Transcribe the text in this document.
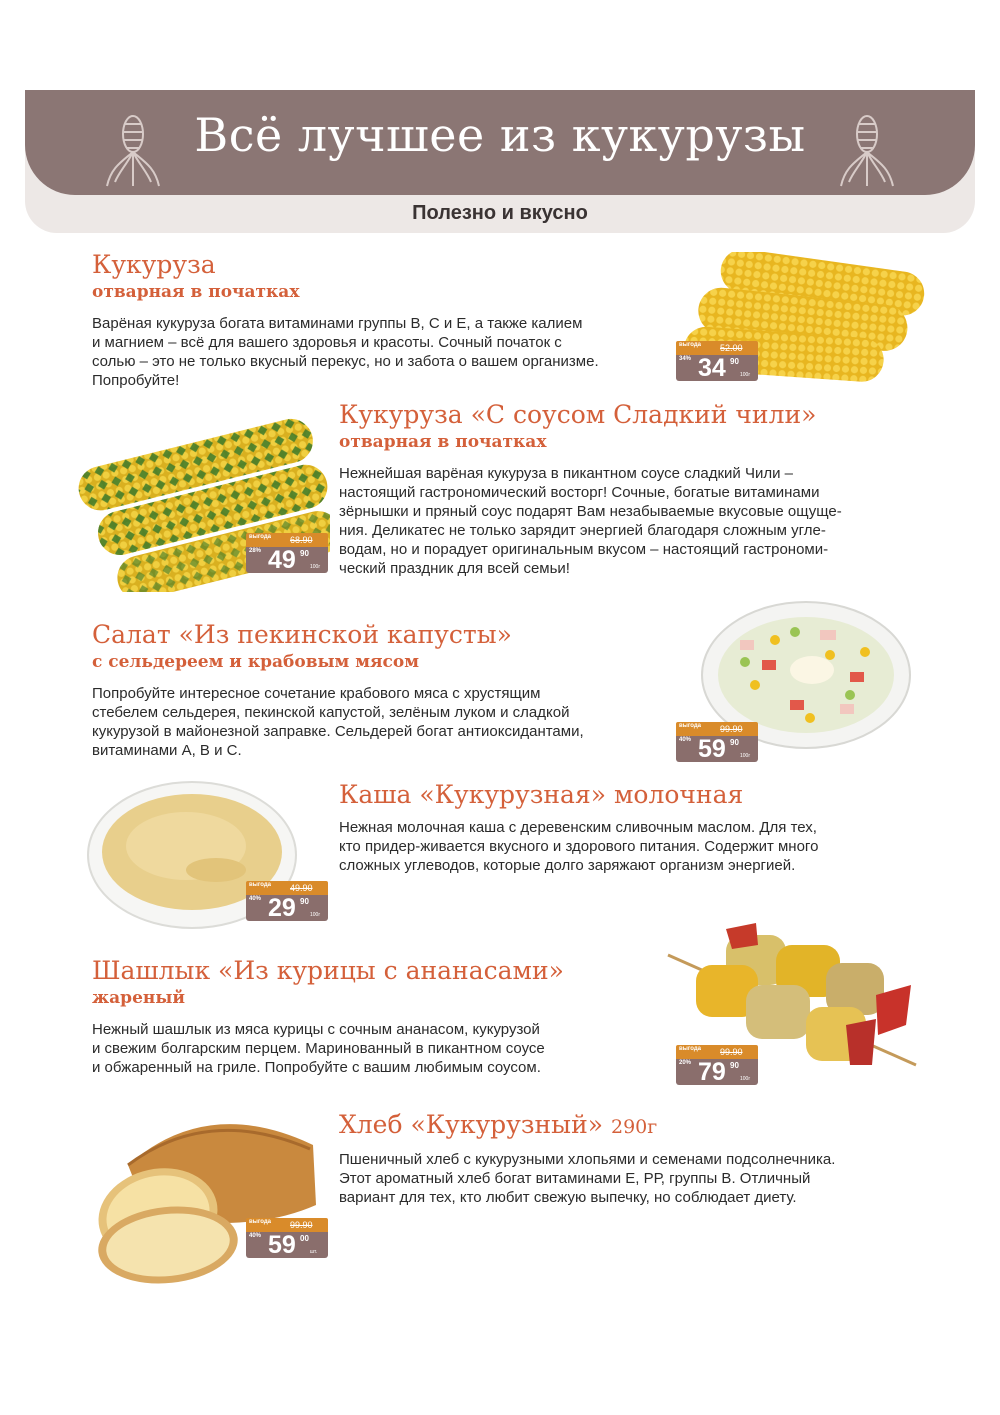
Всё лучшее из кукурузы
Полезно и вкусно
Кукуруза
отварная в початках
Варёная кукуруза богата витаминами группы В, С и Е, а также калием
и магнием – всё для вашего здоровья и красоты. Сочный початок с
солью – это не только вкусный перекус, но и забота о вашем организме.
Попробуйте!
выгода
34%
52.00
34 90
100г
выгода
28%
68.90
49 90
100г
Кукуруза «С соусом Сладкий чили»
отварная в початках
Нежнейшая варёная кукуруза в пикантном соусе сладкий Чили –
настоящий гастрономический восторг! Сочные, богатые витаминами
зёрнышки и пряный соус подарят Вам незабываемые вкусовые ощуще-
ния. Деликатес не только зарядит энергией благодаря сложным угле-
водам, но и порадует оригинальным вкусом – настоящий гастрономи-
ческий праздник для всей семьи!
Салат «Из пекинской капусты»
с сельдереем и крабовым мясом
Попробуйте интересное сочетание крабового мяса с хрустящим
стебелем сельдерея, пекинской капустой, зелёным луком и сладкой
кукурузой в майонезной заправке. Сельдерей богат антиоксидантами,
витаминами А, В и С.
выгода
40%
99.90
59 90
100г
выгода
40%
49.90
29 90
100г
Каша «Кукурузная» молочная
Нежная молочная каша с деревенским сливочным маслом. Для тех,
кто придер-живается вкусного и здорового питания. Содержит много
сложных углеводов, которые долго заряжают организм энергией.
Шашлык «Из курицы с ананасами»
жареный
Нежный шашлык из мяса курицы с сочным ананасом, кукурузой
и свежим болгарским перцем. Маринованный в пикантном соусе
и обжаренный на гриле. Попробуйте с вашим любимым соусом.
выгода
20%
99.90
79 90
100г
выгода
40%
99.90
59 00
шт.
Хлеб «Кукурузный» 290г
Пшеничный хлеб с кукурузными хлопьями и семенами подсолнечника.
Этот ароматный хлеб богат витаминами Е, РР, группы В. Отличный
вариант для тех, кто любит свежую выпечку, но соблюдает диету.
